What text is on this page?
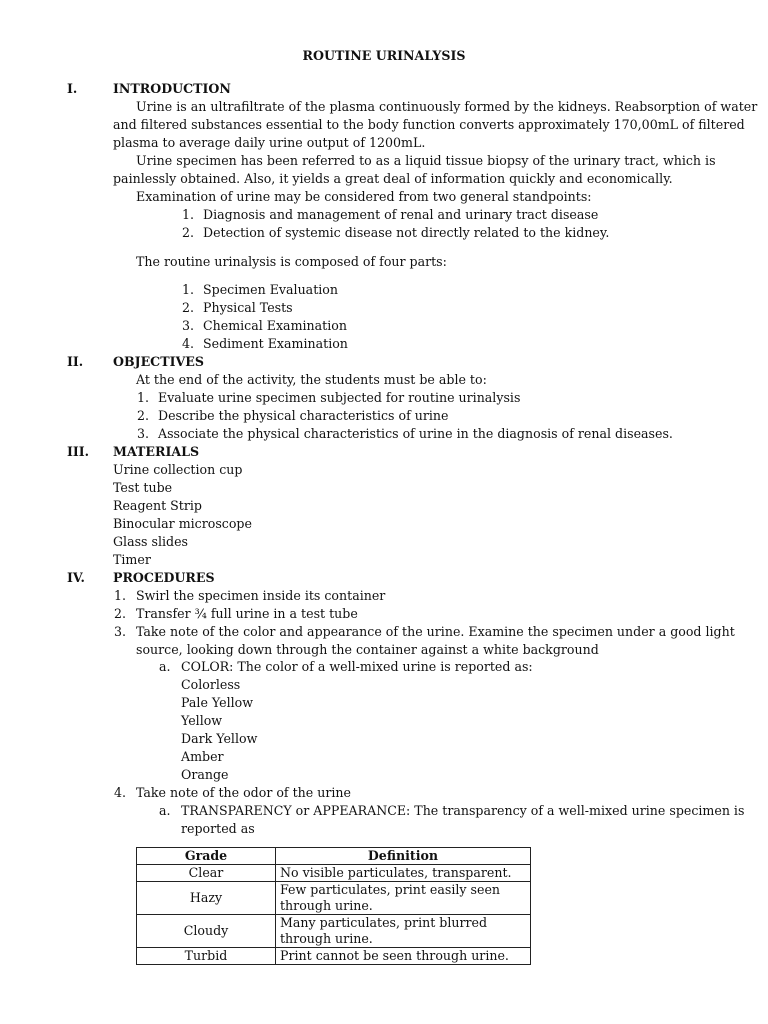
ROUTINE URINALYSIS
I.	INTRODUCTION
Urine is an ultrafiltrate of the plasma continuously formed by the kidneys. Reabsorption of water
and filtered substances essential to the body function converts approximately 170,00mL of filtered
plasma to average daily urine output of 1200mL.
Urine specimen has been referred to as a liquid tissue biopsy of the urinary tract, which is
painlessly obtained. Also, it yields a great deal of information quickly and economically.
Examination of urine may be considered from two general standpoints:
1. Diagnosis and management of renal and urinary tract disease
2. Detection of systemic disease not directly related to the kidney.
The routine urinalysis is composed of four parts:
1. Specimen Evaluation
2. Physical Tests
3. Chemical Examination
4. Sediment Examination
II. OBJECTIVES
At the end of the activity, the students must be able to:
1. Evaluate urine specimen subjected for routine urinalysis
2. Describe the physical characteristics of urine
3. Associate the physical characteristics of urine in the diagnosis of renal diseases.
III. MATERIALS
Urine collection cup
Test tube
Reagent Strip
Binocular microscope
Glass slides
Timer
IV. PROCEDURES
1. Swirl the specimen inside its container
2. Transfer ¾ full urine in a test tube
3. Take note of the color and appearance of the urine. Examine the specimen under a good light
source, looking down through the container against a white background
a. COLOR: The color of a well-mixed urine is reported as:
Colorless
Pale Yellow
Yellow
Dark Yellow
Amber
Orange
4. Take note of the odor of the urine
a. TRANSPARENCY or APPEARANCE: The transparency of a well-mixed urine specimen is
reported as
Grade	Definition
Clear	No visible particulates, transparent.
Hazy	Few particulates, print easily seen
through urine.
Cloudy	Many particulates, print blurred
through urine.
Turbid	Print cannot be seen through urine.
